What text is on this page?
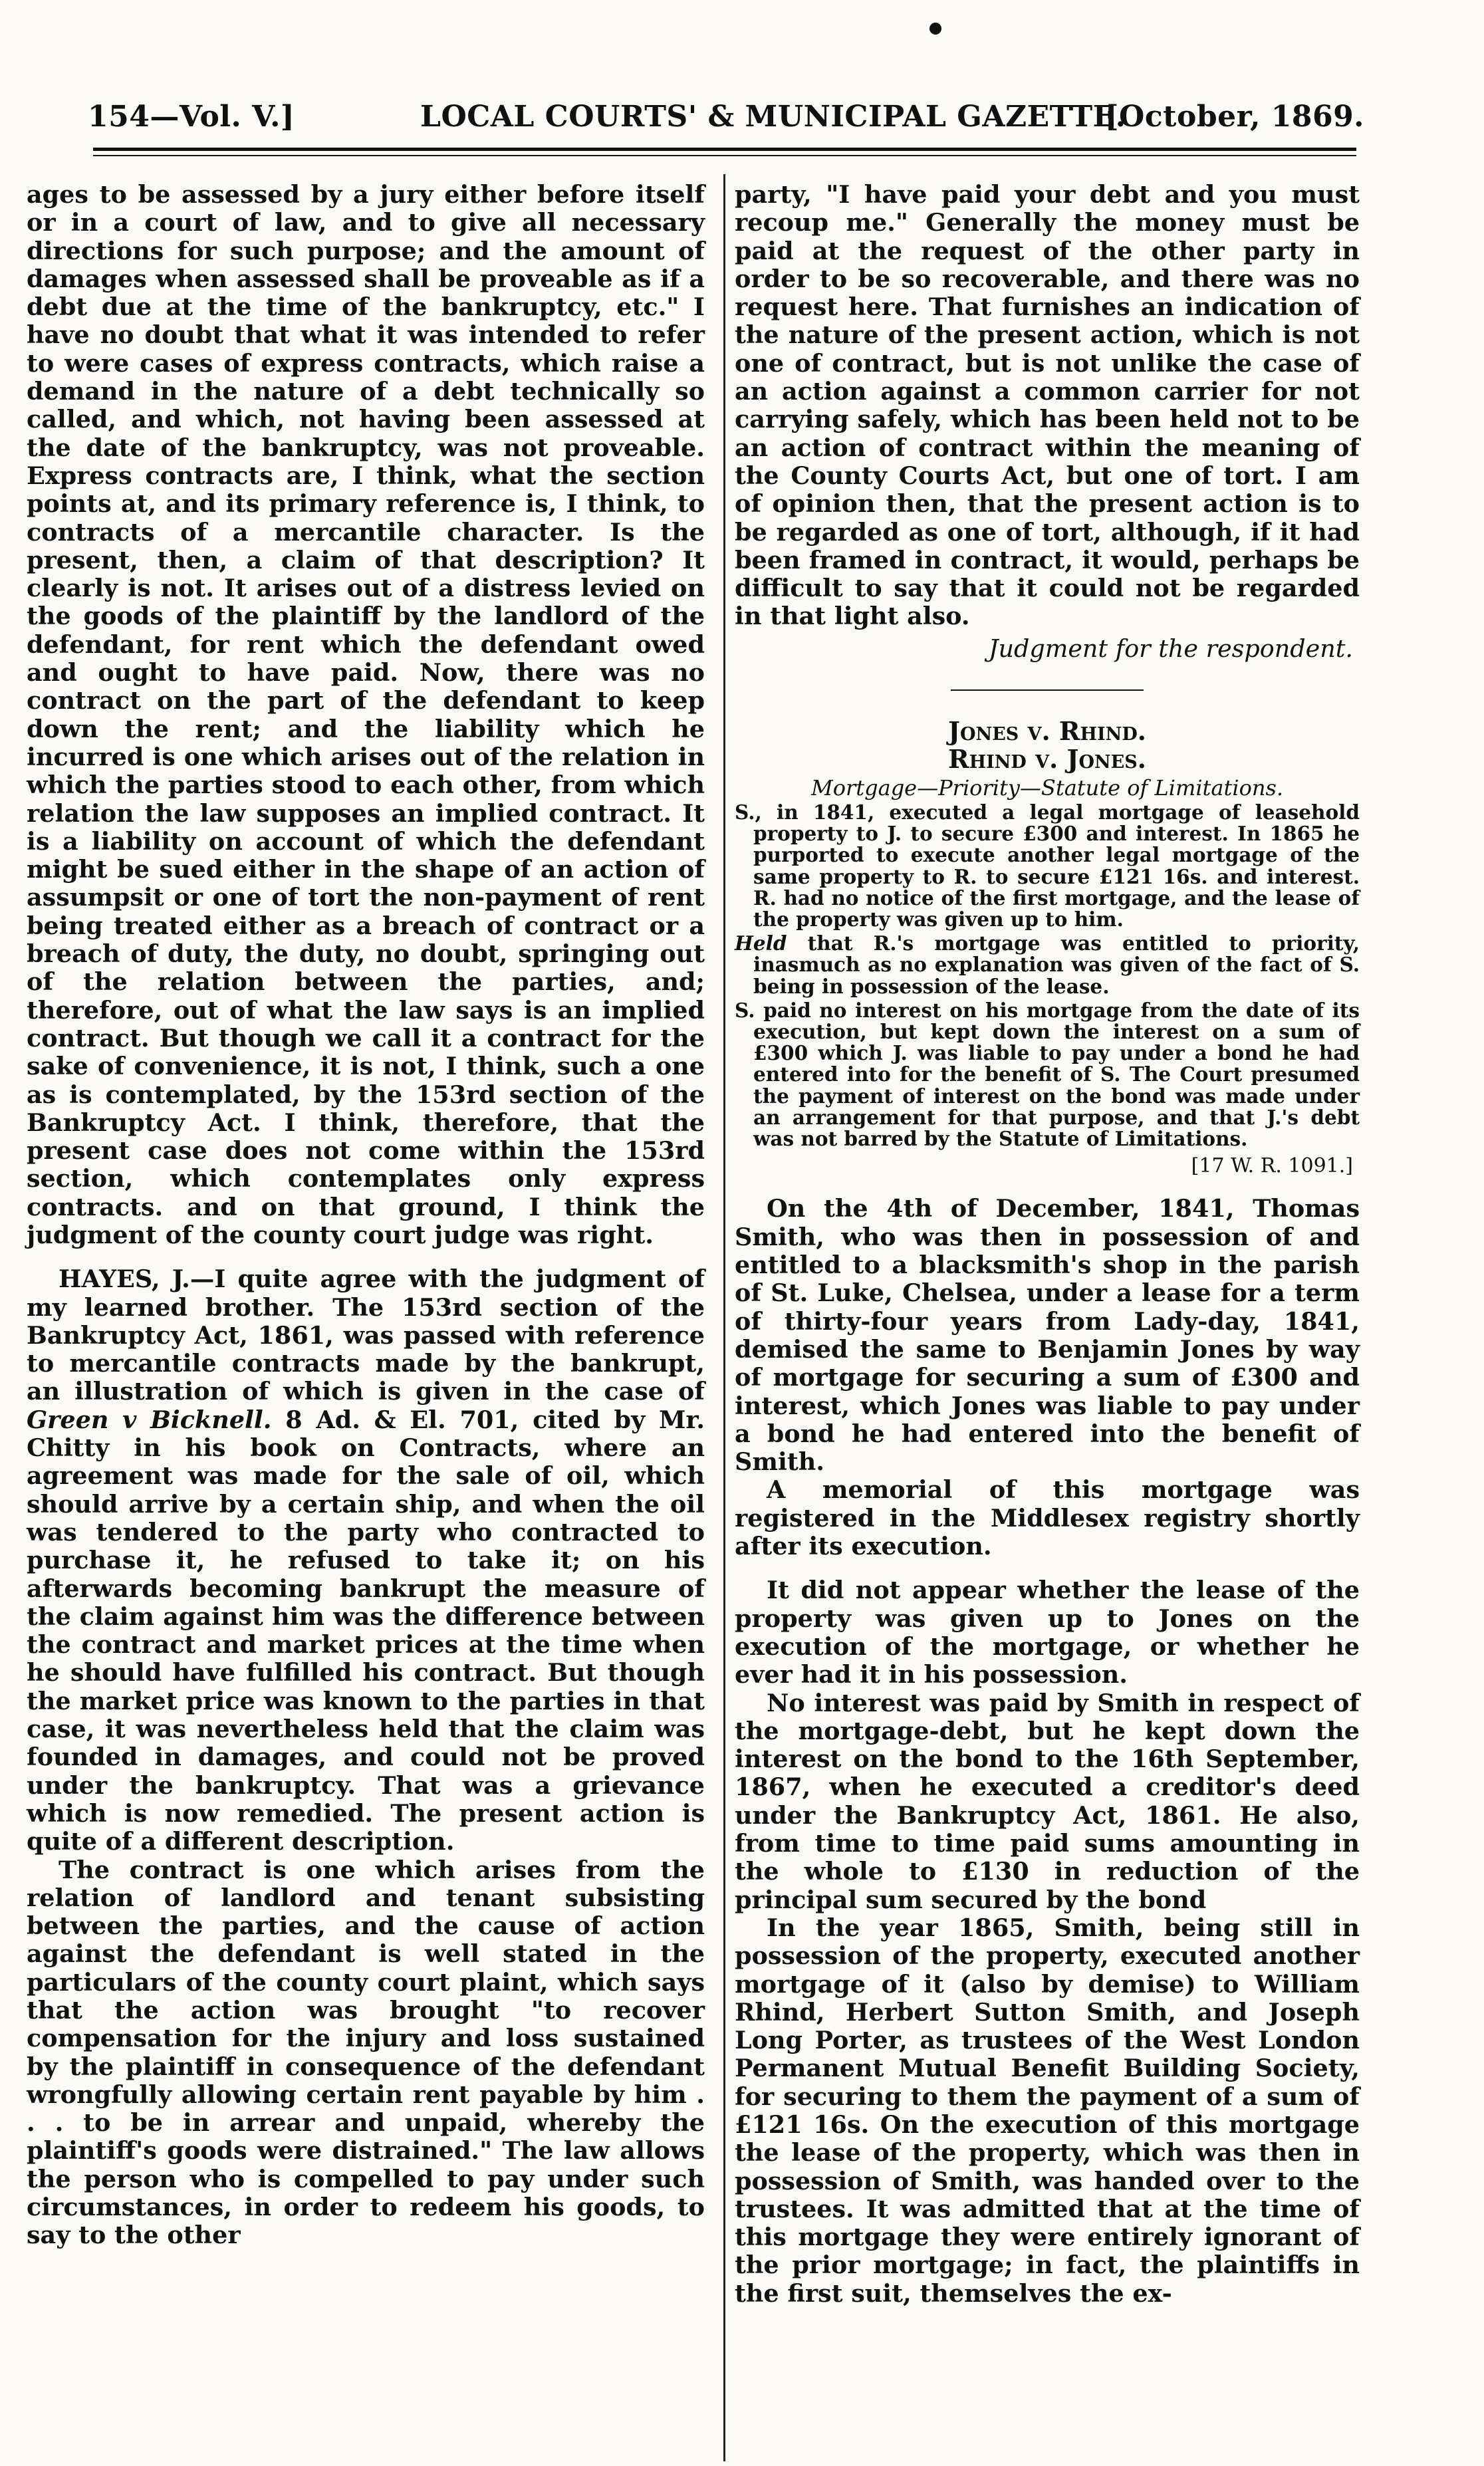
154—Vol. V.]	LOCAL COURTS' & MUNICIPAL GAZETTE.
[October, 1869.

ages to be assessed by a jury either before itself or in a court of law, and to give all necessary directions for such purpose; and the amount of damages when assessed shall be proveable as if a debt due at the time of the bankruptcy, etc." I have no doubt that what it was intended to refer to were cases of express contracts, which raise a demand in the nature of a debt technically so called, and which, not having been assessed at the date of the bankruptcy, was not proveable. Express contracts are, I think, what the section points at, and its primary reference is, I think, to contracts of a mercantile character. Is the present, then, a claim of that description? It clearly is not. It arises out of a distress levied on the goods of the plaintiff by the landlord of the defendant, for rent which the defendant owed and ought to have paid. Now, there was no contract on the part of the defendant to keep down the rent; and the liability which he incurred is one which arises out of the relation in which the parties stood to each other, from which relation the law supposes an implied contract. It is a liability on account of which the defendant might be sued either in the shape of an action of assumpsit or one of tort the non-payment of rent being treated either as a breach of contract or a breach of duty, the duty, no doubt, springing out of the relation between the parties, and; therefore, out of what the law says is an implied contract. But though we call it a contract for the sake of convenience, it is not, I think, such a one as is contemplated, by the 153rd section of the Bankruptcy Act. I think, therefore, that the present case does not come within the 153rd section, which contemplates only express contracts. and on that ground, I think the judgment of the county court judge was right.

HAYES, J.—I quite agree with the judgment of my learned brother. The 153rd section of the Bankruptcy Act, 1861, was passed with reference to mercantile contracts made by the bankrupt, an illustration of which is given in the case of Green v Bicknell. 8 Ad. & El. 701, cited by Mr. Chitty in his book on Contracts, where an agreement was made for the sale of oil, which should arrive by a certain ship, and when the oil was tendered to the party who contracted to purchase it, he refused to take it; on his afterwards becoming bankrupt the measure of the claim against him was the difference between the contract and market prices at the time when he should have fulfilled his contract. But though the market price was known to the parties in that case, it was nevertheless held that the claim was founded in damages, and could not be proved under the bankruptcy. That was a grievance which is now remedied. The present action is quite of a different description.

The contract is one which arises from the relation of landlord and tenant subsisting between the parties, and the cause of action against the defendant is well stated in the particulars of the county court plaint, which says that the action was brought "to recover compensation for the injury and loss sustained by the plaintiff in consequence of the defendant wrongfully allowing certain rent payable by him . . . to be in arrear and unpaid, whereby the plaintiff's goods were distrained." The law allows the person who is compelled to pay under such circumstances, in order to redeem his goods, to say to the other

party, "I have paid your debt and you must recoup me." Generally the money must be paid at the request of the other party in order to be so recoverable, and there was no request here. That furnishes an indication of the nature of the present action, which is not one of contract, but is not unlike the case of an action against a common carrier for not carrying safely, which has been held not to be an action of contract within the meaning of the County Courts Act, but one of tort. I am of opinion then, that the present action is to be regarded as one of tort, although, if it had been framed in contract, it would, perhaps be difficult to say that it could not be regarded in that light also.

Judgment for the respondent.

Jones v. Rhind.

Rhind v. Jones.

Mortgage—Priority—Statute of Limitations.

S., in 1841, executed a legal mortgage of leasehold property to J. to secure £300 and interest. In 1865 he purported to execute another legal mortgage of the same property to R. to secure £121 16s. and interest. R. had no notice of the first mortgage, and the lease of the property was given up to him.

Held that R.'s mortgage was entitled to priority, inasmuch as no explanation was given of the fact of S. being in possession of the lease.

S. paid no interest on his mortgage from the date of its execution, but kept down the interest on a sum of £300 which J. was liable to pay under a bond he had entered into for the benefit of S. The Court presumed the payment of interest on the bond was made under an arrangement for that purpose, and that J.'s debt was not barred by the Statute of Limitations.

[17 W. R. 1091.]

On the 4th of December, 1841, Thomas Smith, who was then in possession of and entitled to a blacksmith's shop in the parish of St. Luke, Chelsea, under a lease for a term of thirty-four years from Lady-day, 1841, demised the same to Benjamin Jones by way of mortgage for securing a sum of £300 and interest, which Jones was liable to pay under a bond he had entered into the benefit of Smith.

A memorial of this mortgage was registered in the Middlesex registry shortly after its execution.

It did not appear whether the lease of the property was given up to Jones on the execution of the mortgage, or whether he ever had it in his possession.

No interest was paid by Smith in respect of the mortgage-debt, but he kept down the interest on the bond to the 16th September, 1867, when he executed a creditor's deed under the Bankruptcy Act, 1861. He also, from time to time paid sums amounting in the whole to £130 in reduction of the principal sum secured by the bond

In the year 1865, Smith, being still in possession of the property, executed another mortgage of it (also by demise) to William Rhind, Herbert Sutton Smith, and Joseph Long Porter, as trustees of the West London Permanent Mutual Benefit Building Society, for securing to them the payment of a sum of £121 16s. On the execution of this mortgage the lease of the property, which was then in possession of Smith, was handed over to the trustees. It was admitted that at the time of this mortgage they were entirely ignorant of the prior mortgage; in fact, the plaintiffs in the first suit, themselves the ex-
